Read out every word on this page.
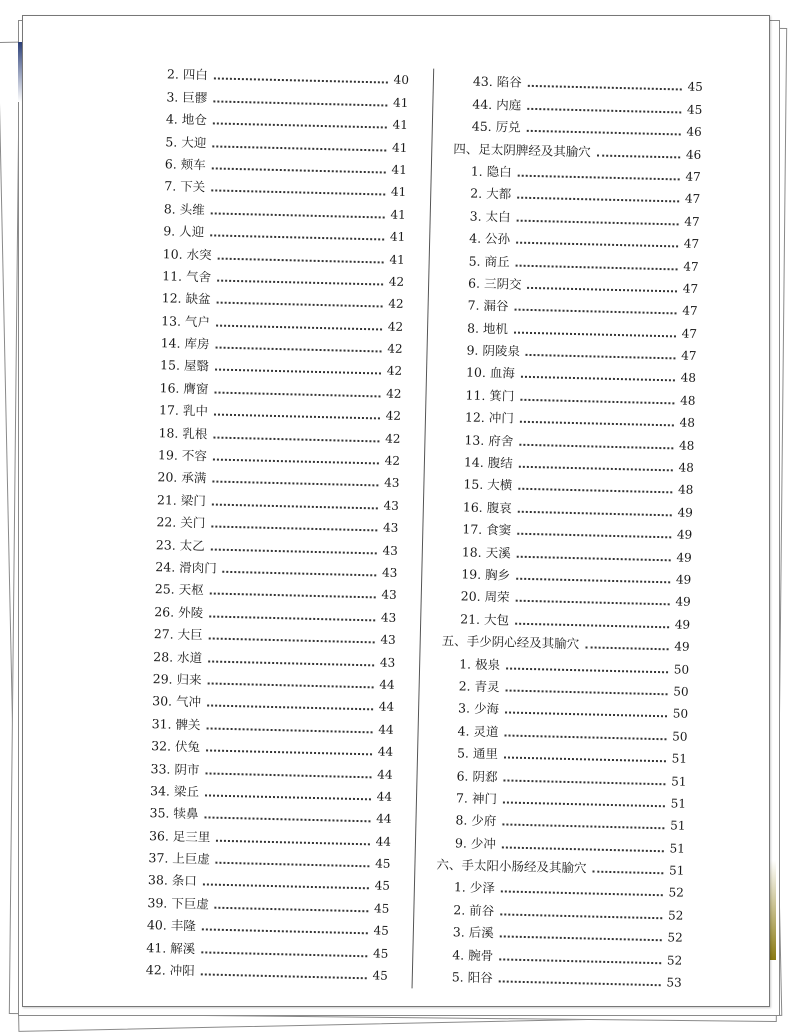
2. 四白	40
3. 巨髎	41
4. 地仓	41
5. 大迎	41
6. 颊车	41
7. 下关	41
8. 头维	41
9. 人迎	41
10. 水突	41
11. 气舍	42
12. 缺盆	42
13. 气户	42
14. 库房	42
15. 屋翳	42
16. 膺窗	42
17. 乳中	42
18. 乳根	42
19. 不容	42
20. 承满	43
21. 梁门	43
22. 关门	43
23. 太乙	43
24. 滑肉门	43
25. 天枢	43
26. 外陵	43
27. 大巨	43
28. 水道	43
29. 归来	44
30. 气冲	44
31. 髀关	44
32. 伏兔	44
33. 阴市	44
34. 梁丘	44
35. 犊鼻	44
36. 足三里	44
37. 上巨虚	45
38. 条口	45
39. 下巨虚	45
40. 丰隆	45
41. 解溪	45
42. 冲阳	45
43. 陷谷	45
44. 内庭	45
45. 厉兑	46
四、足太阴脾经及其腧穴	46
1. 隐白	47
2. 大都	47
3. 太白	47
4. 公孙	47
5. 商丘	47
6. 三阴交	47
7. 漏谷	47
8. 地机	47
9. 阴陵泉	47
10. 血海	48
11. 箕门	48
12. 冲门	48
13. 府舍	48
14. 腹结	48
15. 大横	48
16. 腹哀	49
17. 食窦	49
18. 天溪	49
19. 胸乡	49
20. 周荣	49
21. 大包	49
五、手少阴心经及其腧穴	49
1. 极泉	50
2. 青灵	50
3. 少海	50
4. 灵道	50
5. 通里	51
6. 阴郄	51
7. 神门	51
8. 少府	51
9. 少冲	51
六、手太阳小肠经及其腧穴	51
1. 少泽	52
2. 前谷	52
3. 后溪	52
4. 腕骨	52
5. 阳谷	53
